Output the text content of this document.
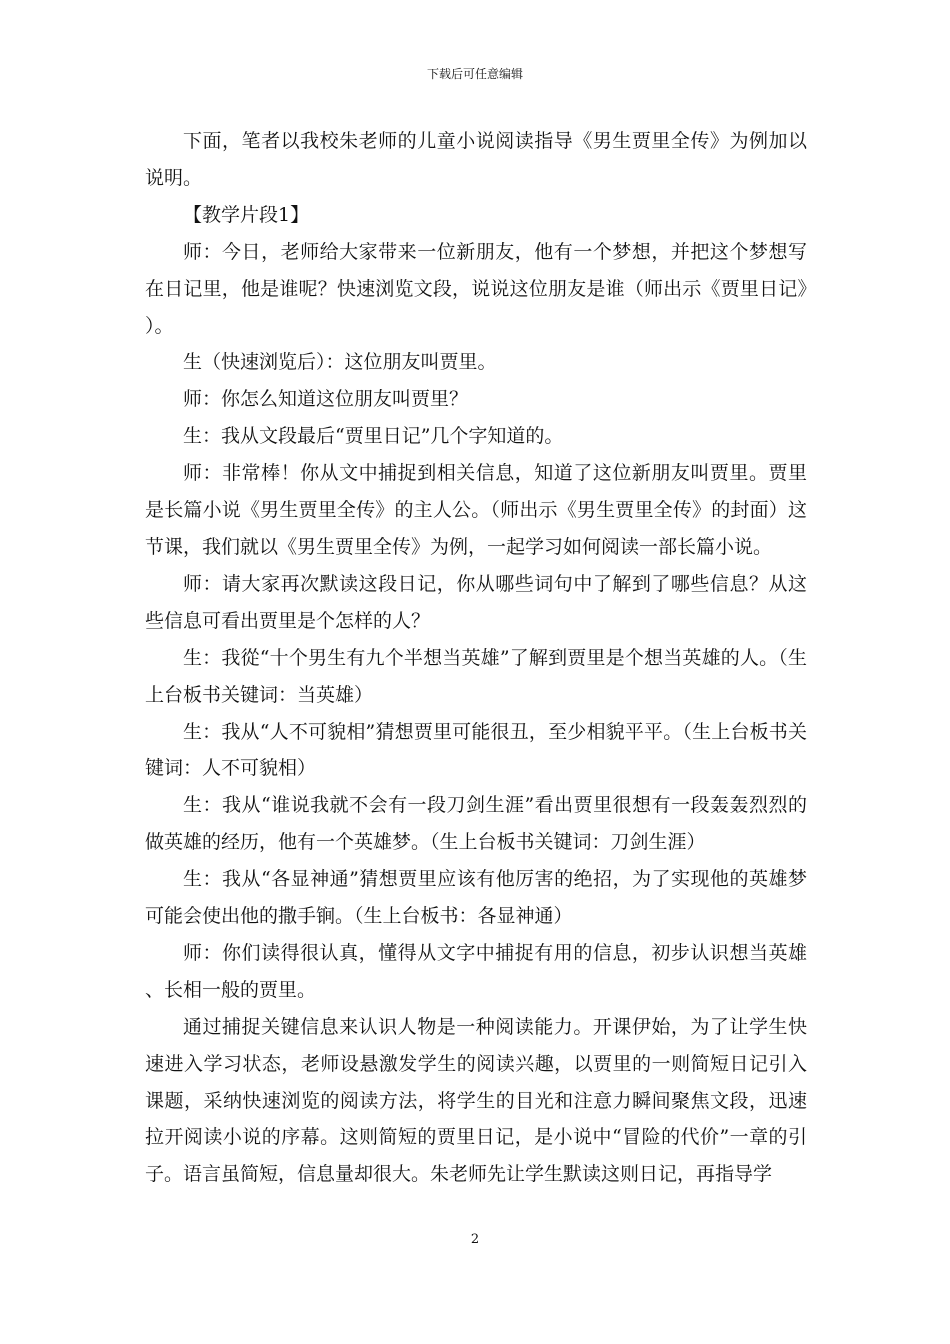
下载后可任意编辑

下面，笔者以我校朱老师的儿童小说阅读指导《男生贾里全传》为例加以说明。

【教学片段1】

师：今日，老师给大家带来一位新朋友，他有一个梦想，并把这个梦想写在日记里，他是谁呢？快速浏览文段，说说这位朋友是谁（师出示《贾里日记》）。

生（快速浏览后）：这位朋友叫贾里。

师：你怎么知道这位朋友叫贾里？

生：我从文段最后“贾里日记”几个字知道的。

师：非常棒！你从文中捕捉到相关信息，知道了这位新朋友叫贾里。贾里是长篇小说《男生贾里全传》的主人公。（师出示《男生贾里全传》的封面）这节课，我们就以《男生贾里全传》为例，一起学习如何阅读一部长篇小说。

师：请大家再次默读这段日记，你从哪些词句中了解到了哪些信息？从这些信息可看出贾里是个怎样的人？

生：我從“十个男生有九个半想当英雄”了解到贾里是个想当英雄的人。（生上台板书关键词：当英雄）

生：我从“人不可貌相”猜想贾里可能很丑，至少相貌平平。（生上台板书关键词：人不可貌相）

生：我从“谁说我就不会有一段刀剑生涯”看出贾里很想有一段轰轰烈烈的做英雄的经历，他有一个英雄梦。（生上台板书关键词：刀剑生涯）

生：我从“各显神通”猜想贾里应该有他厉害的绝招，为了实现他的英雄梦可能会使出他的撒手锏。（生上台板书：各显神通）

师：你们读得很认真，懂得从文字中捕捉有用的信息，初步认识想当英雄、长相一般的贾里。

通过捕捉关键信息来认识人物是一种阅读能力。开课伊始，为了让学生快速进入学习状态，老师设悬激发学生的阅读兴趣，以贾里的一则简短日记引入课题，采纳快速浏览的阅读方法，将学生的目光和注意力瞬间聚焦文段，迅速拉开阅读小说的序幕。这则简短的贾里日记，是小说中“冒险的代价”一章的引子。语言虽简短，信息量却很大。朱老师先让学生默读这则日记，再指导学

2
